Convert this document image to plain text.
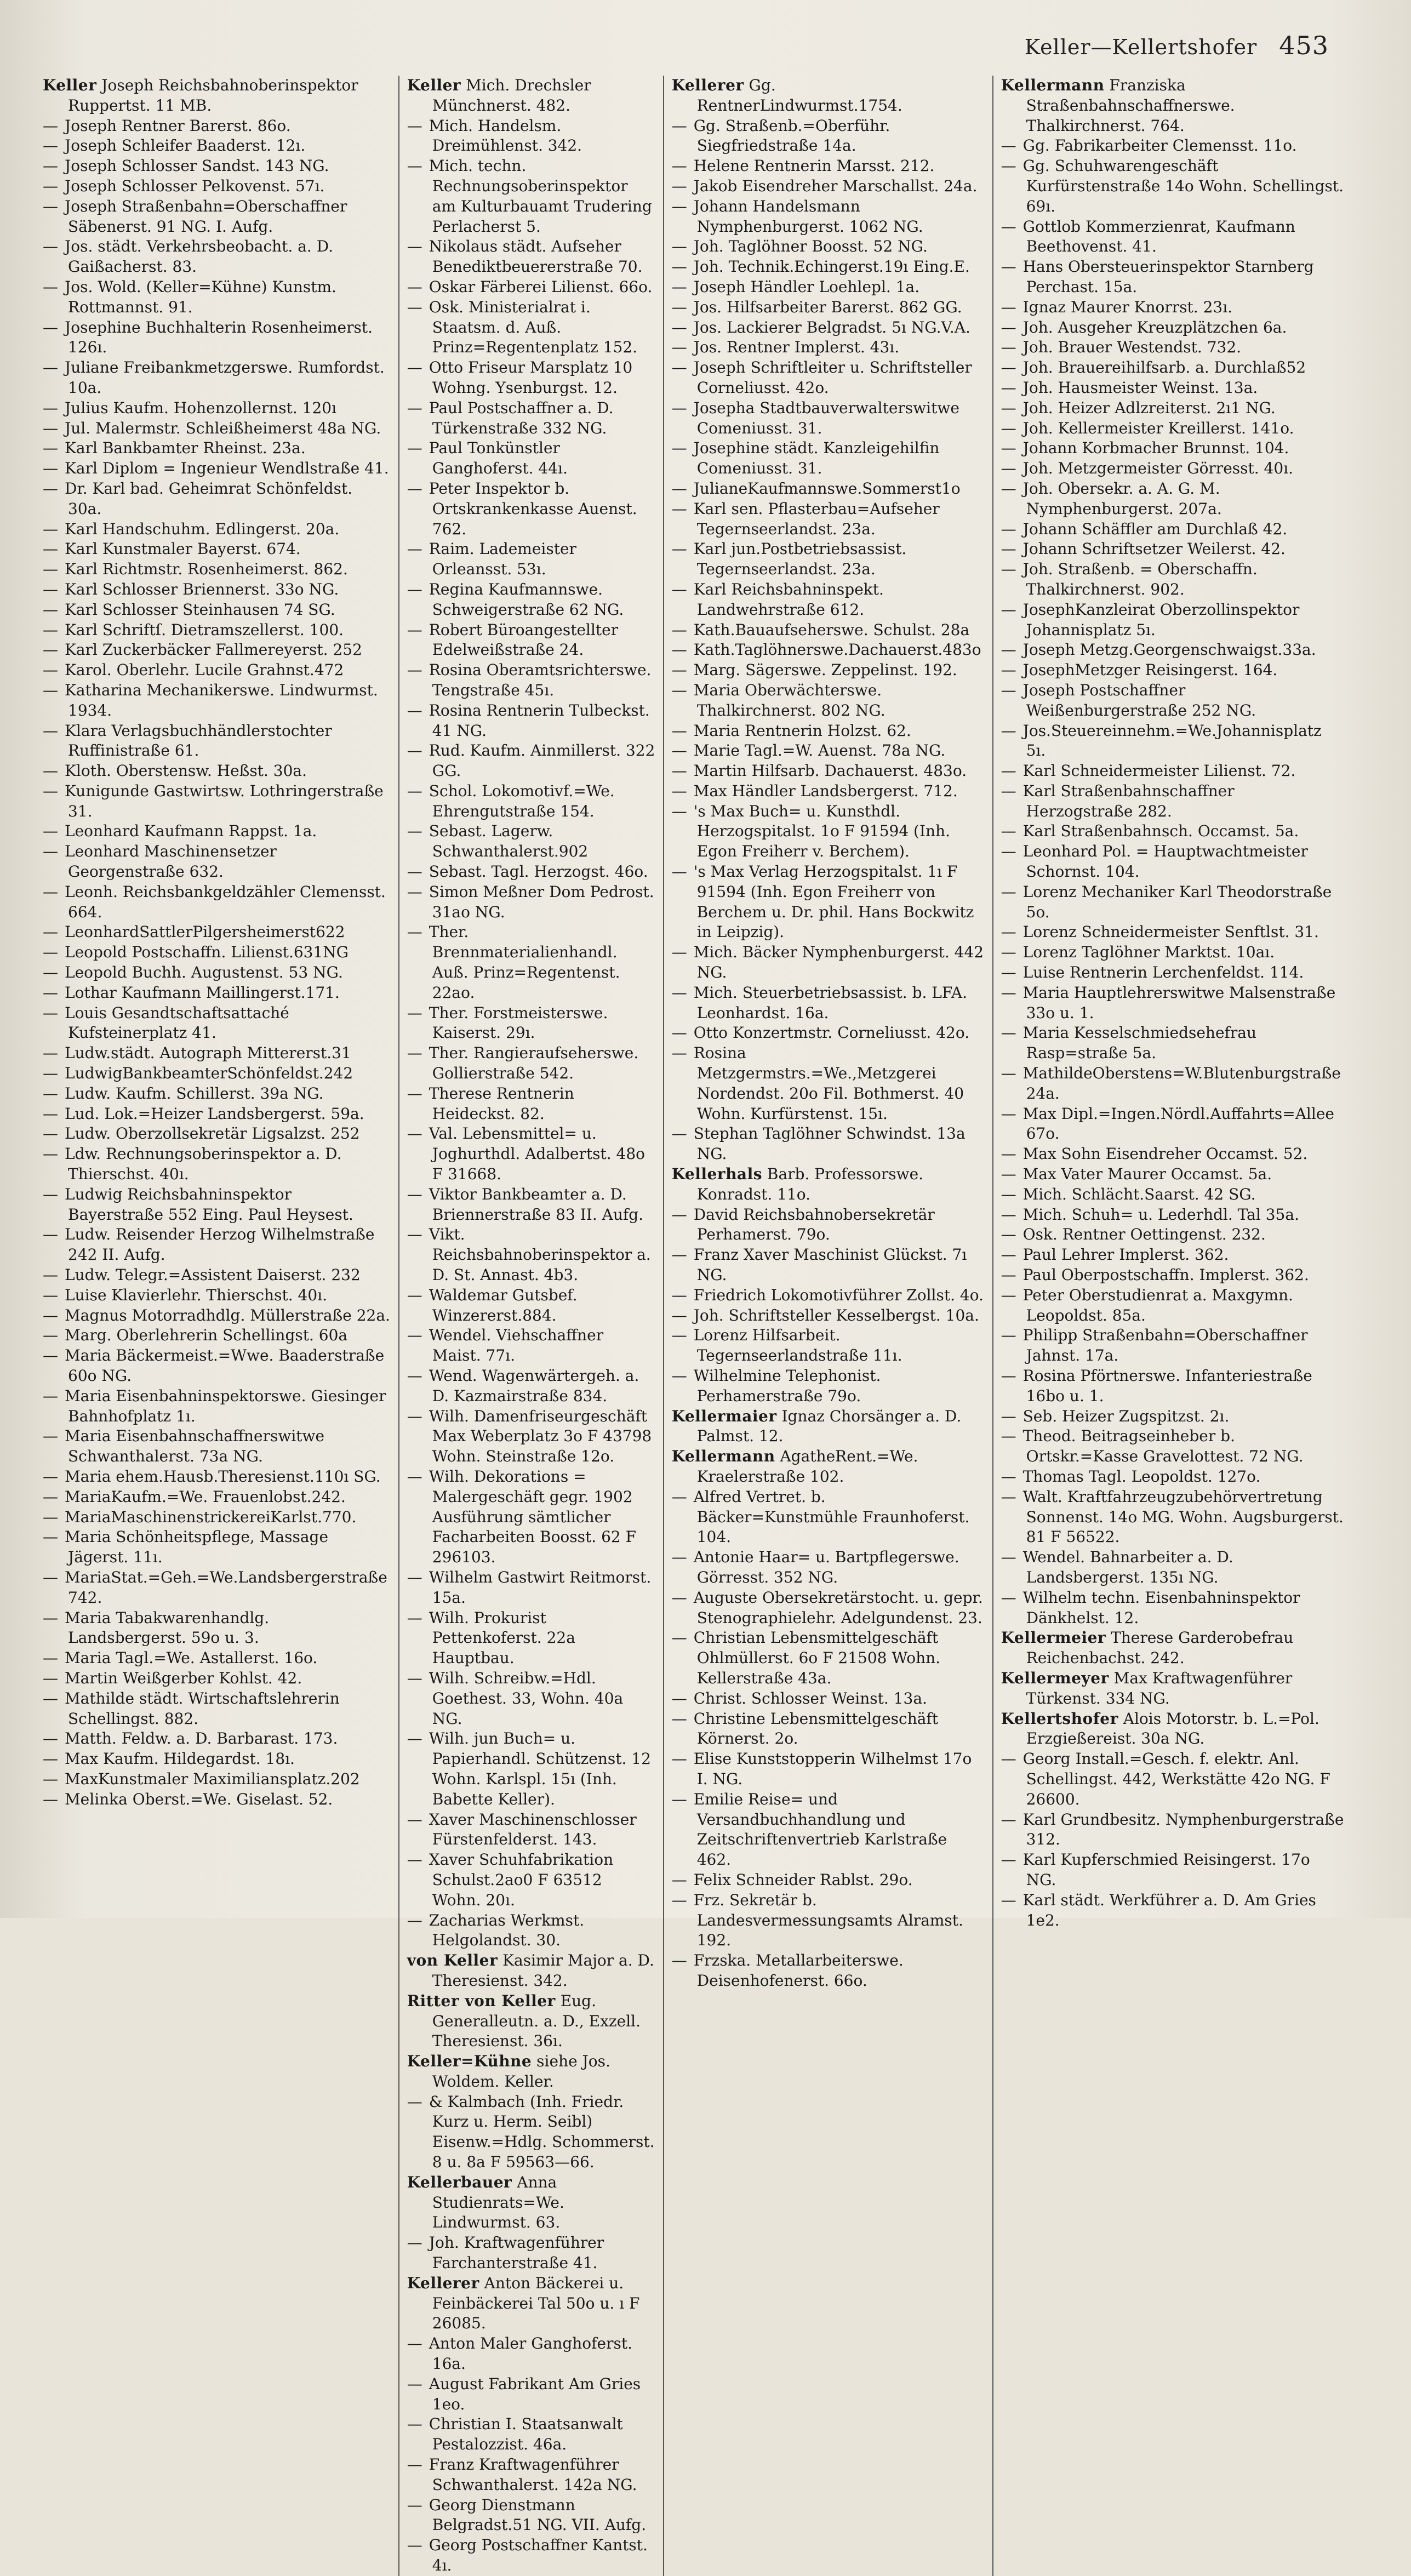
Keller—Kellertshofer 453

Keller Joseph Reichsbahnoberinspektor Ruppertst. 11 MB.

— Joseph Rentner Barerst. 86o.

— Joseph Schleifer Baaderst. 12ı.

— Joseph Schlosser Sandst. 143 NG.

— Joseph Schlosser Pelkovenst. 57ı.

— Joseph Straßenbahn=Oberschaffner Säbenerst. 91 NG. I. Aufg.

— Jos. städt. Verkehrsbeobacht. a. D. Gaißacherst. 83.

— Jos. Wold. (Keller=Kühne) Kunstm. Rottmannst. 91.

— Josephine Buchhalterin Rosenheimerst. 126ı.

— Juliane Freibankmetzgerswe. Rumfordst. 10a.

— Julius Kaufm. Hohenzollernst. 120ı

— Jul. Malermstr. Schleißheimerst 48a NG.

— Karl Bankbamter Rheinst. 23a.

— Karl Diplom = Ingenieur Wendlstraße 41.

— Dr. Karl bad. Geheimrat Schönfeldst. 30a.

— Karl Handschuhm. Edlingerst. 20a.

— Karl Kunstmaler Bayerst. 674.

— Karl Richtmstr. Rosenheimerst. 862.

— Karl Schlosser Briennerst. 33o NG.

— Karl Schlosser Steinhausen 74 SG.

— Karl Schriftſ. Dietramszellerst. 100.

— Karl Zuckerbäcker Fallmereyerst. 252

— Karol. Oberlehr. Lucile Grahnst.472

— Katharina Mechanikerswe. Lindwurmst. 1934.

— Klara Verlagsbuchhändlerstochter Ruffinistraße 61.

— Kloth. Oberstensw. Heßst. 30a.

— Kunigunde Gastwirtsw. Lothringerstraße 31.

— Leonhard Kaufmann Rappst. 1a.

— Leonhard Maschinensetzer Georgenstraße 632.

— Leonh. Reichsbankgeldzähler Clemensst. 664.

— LeonhardSattlerPilgersheimerst622

— Leopold Postschaffn. Lilienst.631NG

— Leopold Buchh. Augustenst. 53 NG.

— Lothar Kaufmann Maillingerst.171.

— Louis Gesandtschaftsattaché Kufsteinerplatz 41.

— Ludw.städt. Autograph Mittererst.31

— LudwigBankbeamterSchönfeldst.242

— Ludw. Kaufm. Schillerst. 39a NG.

— Lud. Lok.=Heizer Landsbergerst. 59a.

— Ludw. Oberzollsekretär Ligsalzst. 252

— Ldw. Rechnungsoberinspektor a. D. Thierschst. 40ı.

— Ludwig Reichsbahninspektor Bayerstraße 552 Eing. Paul Heysest.

— Ludw. Reisender Herzog Wilhelmstraße 242 II. Aufg.

— Ludw. Telegr.=Assistent Daiserst. 232

— Luise Klavierlehr. Thierschst. 40ı.

— Magnus Motorradhdlg. Müllerstraße 22a.

— Marg. Oberlehrerin Schellingst. 60a

— Maria Bäckermeist.=Wwe. Baaderstraße 60o NG.

— Maria Eisenbahninspektorswe. Giesinger Bahnhofplatz 1ı.

— Maria Eisenbahnschaffnerswitwe Schwanthalerst. 73a NG.

— Maria ehem.Hausb.Theresienst.110ı SG.

— MariaKaufm.=We. Frauenlobst.242.

— MariaMaschinenstrickereiKarlst.770.

— Maria Schönheitspflege, Massage Jägerst. 11ı.

— MariaStat.=Geh.=We.Landsbergerstraße 742.

— Maria Tabakwarenhandlg. Landsbergerst. 59o u. 3.

— Maria Tagl.=We. Astallerst. 16o.

— Martin Weißgerber Kohlst. 42.

— Mathilde städt. Wirtschaftslehrerin Schellingst. 882.

— Matth. Feldw. a. D. Barbarast. 173.

— Max Kaufm. Hildegardst. 18ı.

— MaxKunstmaler Maximiliansplatz.202

— Melinka Oberst.=We. Giselast. 52.

Keller Mich. Drechsler Münchnerst. 482.

— Mich. Handelsm. Dreimühlenst. 342.

— Mich. techn. Rechnungsoberinspektor am Kulturbauamt Trudering Perlacherst 5.

— Nikolaus städt. Aufseher Benediktbeuererstraße 70.

— Oskar Färberei Lilienst. 66o.

— Osk. Ministerialrat i. Staatsm. d. Auß. Prinz=Regentenplatz 152.

— Otto Friseur Marsplatz 10 Wohng. Ysenburgst. 12.

— Paul Postschaffner a. D. Türkenstraße 332 NG.

— Paul Tonkünstler Ganghoferst. 44ı.

— Peter Inspektor b. Ortskrankenkasse Auenst. 762.

— Raim. Lademeister Orleansst. 53ı.

— Regina Kaufmannswe. Schweigerstraße 62 NG.

— Robert Büroangestellter Edelweißstraße 24.

— Rosina Oberamtsrichterswe. Tengstraße 45ı.

— Rosina Rentnerin Tulbeckst. 41 NG.

— Rud. Kaufm. Ainmillerst. 322 GG.

— Schol. Lokomotivf.=We. Ehrengutstraße 154.

— Sebast. Lagerw. Schwanthalerst.902

— Sebast. Tagl. Herzogst. 46o.

— Simon Meßner Dom Pedrost. 31ao NG.

— Ther. Brennmaterialienhandl. Auß. Prinz=Regentenst. 22ao.

— Ther. Forstmeisterswe. Kaiserst. 29ı.

— Ther. Rangieraufseherswe. Gollierstraße 542.

— Therese Rentnerin Heideckst. 82.

— Val. Lebensmittel= u. Joghurthdl. Adalbertst. 48o F 31668.

— Viktor Bankbeamter a. D. Briennerstraße 83 II. Aufg.

— Vikt. Reichsbahnoberinspektor a. D. St. Annast. 4b3.

— Waldemar Gutsbef. Winzererst.884.

— Wendel. Viehschaffner Maist. 77ı.

— Wend. Wagenwärtergeh. a. D. Kazmairstraße 834.

— Wilh. Damenfriseurgeschäft Max Weberplatz 3o F 43798 Wohn. Steinstraße 12o.

— Wilh. Dekorations = Malergeschäft gegr. 1902 Ausführung sämtlicher Facharbeiten Boosst. 62 F 296103.

— Wilhelm Gastwirt Reitmorst. 15a.

— Wilh. Prokurist Pettenkoferst. 22a Hauptbau.

— Wilh. Schreibw.=Hdl. Goethest. 33, Wohn. 40a NG.

— Wilh. jun Buch= u. Papierhandl. Schützenst. 12 Wohn. Karlspl. 15ı (Inh. Babette Keller).

— Xaver Maschinenschlosser Fürstenfelderst. 143.

— Xaver Schuhfabrikation Schulst.2ao0 F 63512 Wohn. 20ı.

— Zacharias Werkmst. Helgolandst. 30.

von Keller Kasimir Major a. D. Theresienst. 342.

Ritter von Keller Eug. Generalleutn. a. D., Exzell. Theresienst. 36ı.

Keller=Kühne siehe Jos. Woldem. Keller.

— & Kalmbach (Inh. Friedr. Kurz u. Herm. Seibl) Eisenw.=Hdlg. Schommerst. 8 u. 8a F 59563—66.

Kellerbauer Anna Studienrats=We. Lindwurmst. 63.

— Joh. Kraftwagenführer Farchanterstraße 41.

Kellerer Anton Bäckerei u. Feinbäckerei Tal 50o u. ı F 26085.

— Anton Maler Ganghoferst. 16a.

— August Fabrikant Am Gries 1eo.

— Christian I. Staatsanwalt Pestalozzist. 46a.

— Franz Kraftwagenführer Schwanthalerst. 142a NG.

— Georg Dienstmann Belgradst.51 NG. VII. Aufg.

— Georg Postschaffner Kantst. 4ı.

Kellerer Gg. RentnerLindwurmst.1754.

— Gg. Straßenb.=Oberführ. Siegfriedstraße 14a.

— Helene Rentnerin Marsst. 212.

— Jakob Eisendreher Marschallst. 24a.

— Johann Handelsmann Nymphenburgerst. 1062 NG.

— Joh. Taglöhner Boosst. 52 NG.

— Joh. Technik.Echingerst.19ı Eing.E.

— Joseph Händler Loehlepl. 1a.

— Jos. Hilfsarbeiter Barerst. 862 GG.

— Jos. Lackierer Belgradst. 5ı NG.V.A.

— Jos. Rentner Implerst. 43ı.

— Joseph Schriftleiter u. Schriftsteller Corneliusst. 42o.

— Josepha Stadtbauverwalterswitwe Comeniusst. 31.

— Josephine städt. Kanzleigehilfin Comeniusst. 31.

— JulianeKaufmannswe.Sommerst1o

— Karl sen. Pflasterbau=Aufseher Tegernseerlandst. 23a.

— Karl jun.Postbetriebsassist. Tegernseerlandst. 23a.

— Karl Reichsbahninspekt. Landwehrstraße 612.

— Kath.Bauaufseherswe. Schulst. 28a

— Kath.Taglöhnerswe.Dachauerst.483o

— Marg. Sägerswe. Zeppelinst. 192.

— Maria Oberwächterswe. Thalkirchnerst. 802 NG.

— Maria Rentnerin Holzst. 62.

— Marie Tagl.=W. Auenst. 78a NG.

— Martin Hilfsarb. Dachauerst. 483o.

— Max Händler Landsbergerst. 712.

— 's Max Buch= u. Kunsthdl. Herzogspitalst. 1o F 91594 (Inh. Egon Freiherr v. Berchem).

— 's Max Verlag Herzogspitalst. 1ı F 91594 (Inh. Egon Freiherr von Berchem u. Dr. phil. Hans Bockwitz in Leipzig).

— Mich. Bäcker Nymphenburgerst. 442 NG.

— Mich. Steuerbetriebsassist. b. LFA. Leonhardst. 16a.

— Otto Konzertmstr. Corneliusst. 42o.

— Rosina Metzgermstrs.=We.,Metzgerei Nordendst. 20o Fil. Bothmerst. 40 Wohn. Kurfürstenst. 15ı.

— Stephan Taglöhner Schwindst. 13a NG.

Kellerhals Barb. Professorswe. Konradst. 11o.

— David Reichsbahnobersekretär Perhamerst. 79o.

— Franz Xaver Maschinist Glückst. 7ı NG.

— Friedrich Lokomotivführer Zollst. 4o.

— Joh. Schriftsteller Kesselbergst. 10a.

— Lorenz Hilfsarbeit. Tegernseerlandstraße 11ı.

— Wilhelmine Telephonist. Perhamerstraße 79o.

Kellermaier Ignaz Chorsänger a. D. Palmst. 12.

Kellermann AgatheRent.=We. Kraelerstraße 102.

— Alfred Vertret. b. Bäcker=Kunstmühle Fraunhoferst. 104.

— Antonie Haar= u. Bartpflegerswe. Görresst. 352 NG.

— Auguste Obersekretärstocht. u. gepr. Stenographielehr. Adelgundenst. 23.

— Christian Lebensmittelgeschäft Ohlmüllerst. 6o F 21508 Wohn. Kellerstraße 43a.

— Christ. Schlosser Weinst. 13a.

— Christine Lebensmittelgeschäft Körnerst. 2o.

— Elise Kunststopperin Wilhelmst 17o I. NG.

— Emilie Reise= und Versandbuchhandlung und Zeitschriftenvertrieb Karlstraße 462.

— Felix Schneider Rablst. 29o.

— Frz. Sekretär b. Landesvermessungsamts Alramst. 192.

— Frzska. Metallarbeiterswe. Deisenhofenerst. 66o.

Kellermann Franziska Straßenbahnschaffnerswe. Thalkirchnerst. 764.

— Gg. Fabrikarbeiter Clemensst. 11o.

— Gg. Schuhwarengeschäft Kurfürstenstraße 14o Wohn. Schellingst. 69ı.

— Gottlob Kommerzienrat, Kaufmann Beethovenst. 41.

— Hans Obersteuerinspektor Starnberg Perchast. 15a.

— Ignaz Maurer Knorrst. 23ı.

— Joh. Ausgeher Kreuzplätzchen 6a.

— Joh. Brauer Westendst. 732.

— Joh. Brauereihilfsarb. a. Durchlaß52

— Joh. Hausmeister Weinst. 13a.

— Joh. Heizer Adlzreiterst. 2ı1 NG.

— Joh. Kellermeister Kreillerst. 141o.

— Johann Korbmacher Brunnst. 104.

— Joh. Metzgermeister Görresst. 40ı.

— Joh. Obersekr. a. A. G. M. Nymphenburgerst. 207a.

— Johann Schäffler am Durchlaß 42.

— Johann Schriftsetzer Weilerst. 42.

— Joh. Straßenb. = Oberschaffn. Thalkirchnerst. 902.

— JosephKanzleirat Oberzollinspektor Johannisplatz 5ı.

— Joseph Metzg.Georgenschwaigst.33a.

— JosephMetzger Reisingerst. 164.

— Joseph Postschaffner Weißenburgerstraße 252 NG.

— Jos.Steuereinnehm.=We.Johannisplatz 5ı.

— Karl Schneidermeister Lilienst. 72.

— Karl Straßenbahnschaffner Herzogstraße 282.

— Karl Straßenbahnsch. Occamst. 5a.

— Leonhard Pol. = Hauptwachtmeister Schornst. 104.

— Lorenz Mechaniker Karl Theodorstraße 5o.

— Lorenz Schneidermeister Senftlst. 31.

— Lorenz Taglöhner Marktst. 10aı.

— Luise Rentnerin Lerchenfeldst. 114.

— Maria Hauptlehrerswitwe Malsenstraße 33o u. 1.

— Maria Kesselschmiedsehefrau Rasp=straße 5a.

— MathildeOberstens=W.Blutenburgstraße 24a.

— Max Dipl.=Ingen.Nördl.Auffahrts=Allee 67o.

— Max Sohn Eisendreher Occamst. 52.

— Max Vater Maurer Occamst. 5a.

— Mich. Schlächt.Saarst. 42 SG.

— Mich. Schuh= u. Lederhdl. Tal 35a.

— Osk. Rentner Oettingenst. 232.

— Paul Lehrer Implerst. 362.

— Paul Oberpostschaffn. Implerst. 362.

— Peter Oberstudienrat a. Maxgymn. Leopoldst. 85a.

— Philipp Straßenbahn=Oberschaffner Jahnst. 17a.

— Rosina Pförtnerswe. Infanteriestraße 16bo u. 1.

— Seb. Heizer Zugspitzst. 2ı.

— Theod. Beitragseinheber b. Ortskr.=Kasse Gravelottest. 72 NG.

— Thomas Tagl. Leopoldst. 127o.

— Walt. Kraftfahrzeugzubehörvertretung Sonnenst. 14o MG. Wohn. Augsburgerst. 81 F 56522.

— Wendel. Bahnarbeiter a. D. Landsbergerst. 135ı NG.

— Wilhelm techn. Eisenbahninspektor Dänkhelst. 12.

Kellermeier Therese Garderobefrau Reichenbachst. 242.

Kellermeyer Max Kraftwagenführer Türkenst. 334 NG.

Kellertshofer Alois Motorstr. b. L.=Pol. Erzgießereist. 30a NG.

— Georg Install.=Gesch. f. elektr. Anl. Schellingst. 442, Werkstätte 42o NG. F 26600.

— Karl Grundbesitz. Nymphenburgerstraße 312.

— Karl Kupferschmied Reisingerst. 17o NG.

— Karl städt. Werkführer a. D. Am Gries 1e2.
